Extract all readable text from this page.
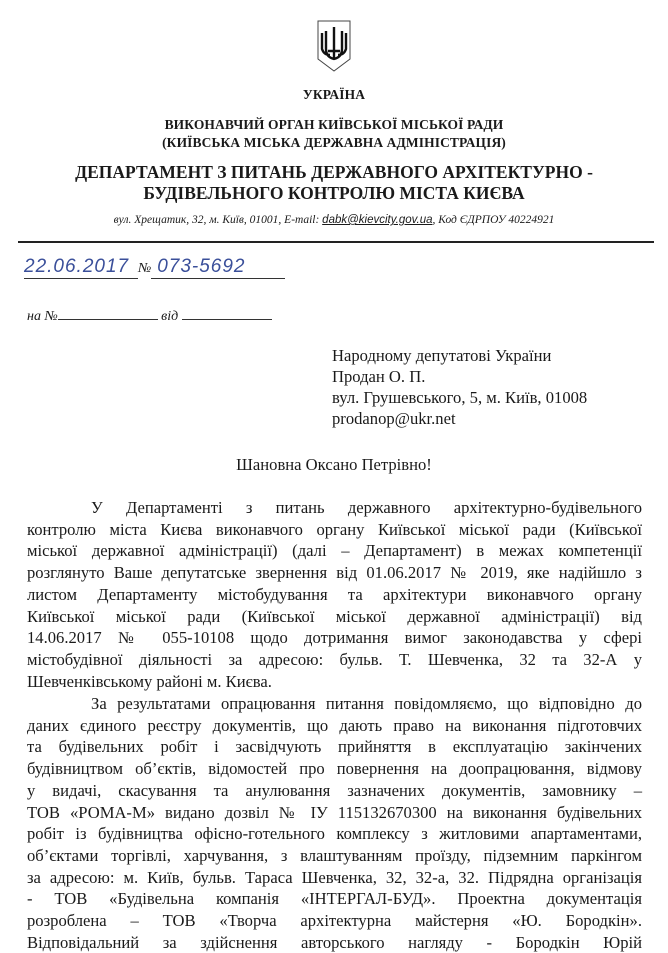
УКРАЇНА
ВИКОНАВЧИЙ ОРГАН КИЇВСЬКОЇ МІСЬКОЇ РАДИ
(КИЇВСЬКА МІСЬКА ДЕРЖАВНА АДМІНІСТРАЦІЯ)
ДЕПАРТАМЕНТ З ПИТАНЬ ДЕРЖАВНОГО АРХІТЕКТУРНО -
БУДІВЕЛЬНОГО КОНТРОЛЮ МІСТА КИЄВА
вул. Хрещатик, 32, м. Київ, 01001, E-mail: dabk@kievcity.gov.ua, Код ЄДРПОУ 40224921
22.06.2017 № 073-5692
на №	від
Народному депутатові України
Продан О. П.
вул. Грушевського, 5, м. Київ, 01008
prodanop@ukr.net
Шановна Оксано Петрівно!
У Департаменті з питань державного архітектурно-будівельного
контролю міста Києва виконавчого органу Київської міської ради (Київської
міської державної адміністрації) (далі – Департамент) в межах компетенції
розглянуто Ваше депутатське звернення від 01.06.2017 № 2019, яке надійшло з
листом Департаменту містобудування та архітектури виконавчого органу
Київської міської ради (Київської міської державної адміністрації) від
14.06.2017 № 055-10108 щодо дотримання вимог законодавства у сфері
містобудівної діяльності за адресою: бульв. Т. Шевченка, 32 та 32-А у
Шевченківському районі м. Києва.
За результатами опрацювання питання повідомляємо, що відповідно до
даних єдиного реєстру документів, що дають право на виконання підготовчих
та будівельних робіт і засвідчують прийняття в експлуатацію закінчених
будівництвом об’єктів, відомостей про повернення на доопрацювання, відмову
у видачі, скасування та анулювання зазначених документів, замовнику –
ТОВ «РОМА-М» видано дозвіл № ІУ 115132670300 на виконання будівельних
робіт із будівництва офісно-готельного комплексу з житловими апартаментами,
об’єктами торгівлі, харчування, з влаштуванням проїзду, підземним паркінгом
за адресою: м. Київ, бульв. Тараса Шевченка, 32, 32-а, 32. Підрядна організація
- ТОВ «Будівельна компанія «ІНТЕРГАЛ-БУД». Проектна документація
розроблена – ТОВ «Творча архітектурна майстерня «Ю. Бородкін».
Відповідальний за здійснення авторського нагляду - Бородкін Юрій
